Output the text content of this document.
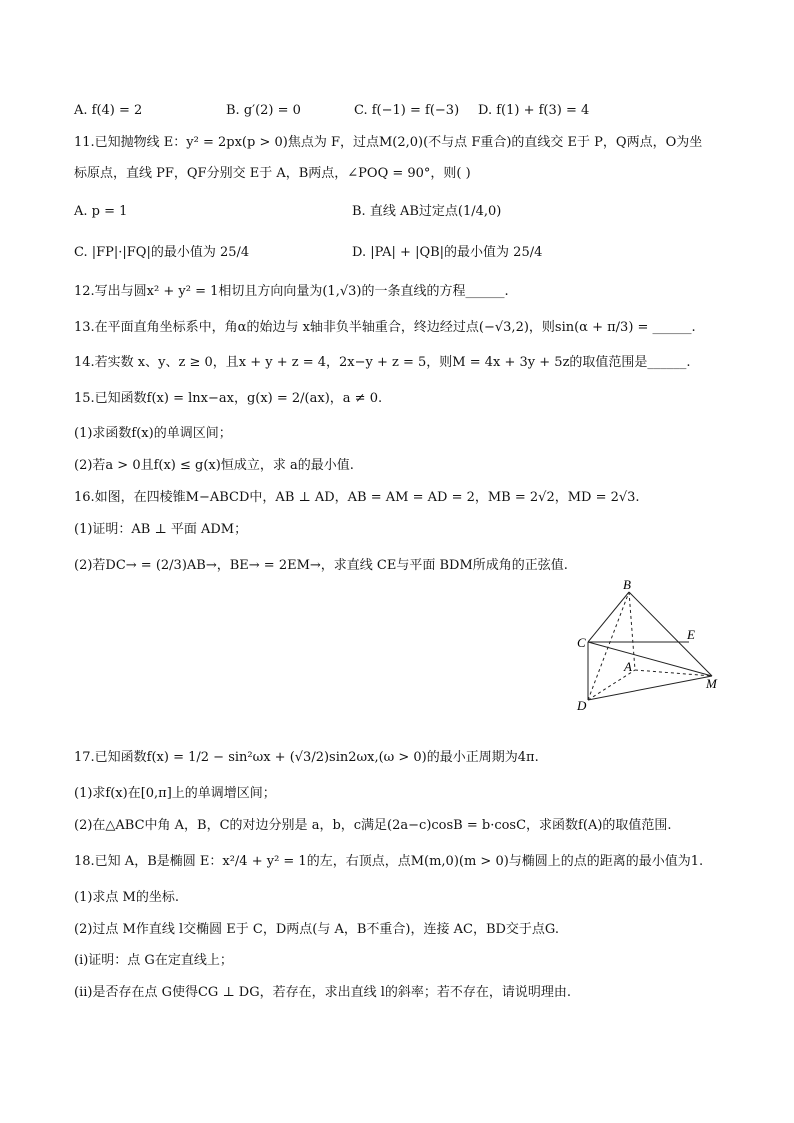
A. f(4) = 2	B. g′(2) = 0	C. f(−1) = f(−3) D. f(1) + f(3) = 4
11.已知抛物线 E：y² = 2px(p > 0)焦点为 F，过点M(2,0)(不与点 F重合)的直线交 E于 P，Q两点，O为坐
标原点，直线 PF，QF分别交 E于 A，B两点，∠POQ = 90°，则( )
A. p = 1	B. 直线 AB过定点(1/4,0)
C. |FP|·|FQ|的最小值为 25/4	D. |PA| + |QB|的最小值为 25/4
12.写出与圆x² + y² = 1相切且方向向量为(1,√3)的一条直线的方程______.
13.在平面直角坐标系中，角α的始边与 x轴非负半轴重合，终边经过点(−√3,2)，则sin(α + π/3) = ______.
14.若实数 x、y、z ≥ 0，且x + y + z = 4，2x−y + z = 5，则M = 4x + 3y + 5z的取值范围是______.
15.已知函数f(x) = lnx−ax，g(x) = 2/(ax)，a ≠ 0.
(1)求函数f(x)的单调区间；
(2)若a > 0且f(x) ≤ g(x)恒成立，求 a的最小值.
16.如图，在四棱锥M−ABCD中，AB ⊥ AD，AB = AM = AD = 2，MB = 2√2，MD = 2√3.
(1)证明：AB ⊥ 平面 ADM；
(2)若DC→ = (2/3)AB→，BE→ = 2EM→，求直线 CE与平面 BDM所成角的正弦值.
B
C
E
A
M
D
17.已知函数f(x) = 1/2 − sin²ωx + (√3/2)sin2ωx,(ω > 0)的最小正周期为4π.
(1)求f(x)在[0,π]上的单调增区间；
(2)在△ABC中角 A，B，C的对边分别是 a，b，c满足(2a−c)cosB = b·cosC，求函数f(A)的取值范围.
18.已知 A，B是椭圆 E：x²/4 + y² = 1的左，右顶点，点M(m,0)(m > 0)与椭圆上的点的距离的最小值为1.
(1)求点 M的坐标.
(2)过点 M作直线 l交椭圆 E于 C，D两点(与 A，B不重合)，连接 AC，BD交于点G.
(ⅰ)证明：点 G在定直线上；
(ⅱ)是否存在点 G使得CG ⊥ DG，若存在，求出直线 l的斜率；若不存在，请说明理由.
